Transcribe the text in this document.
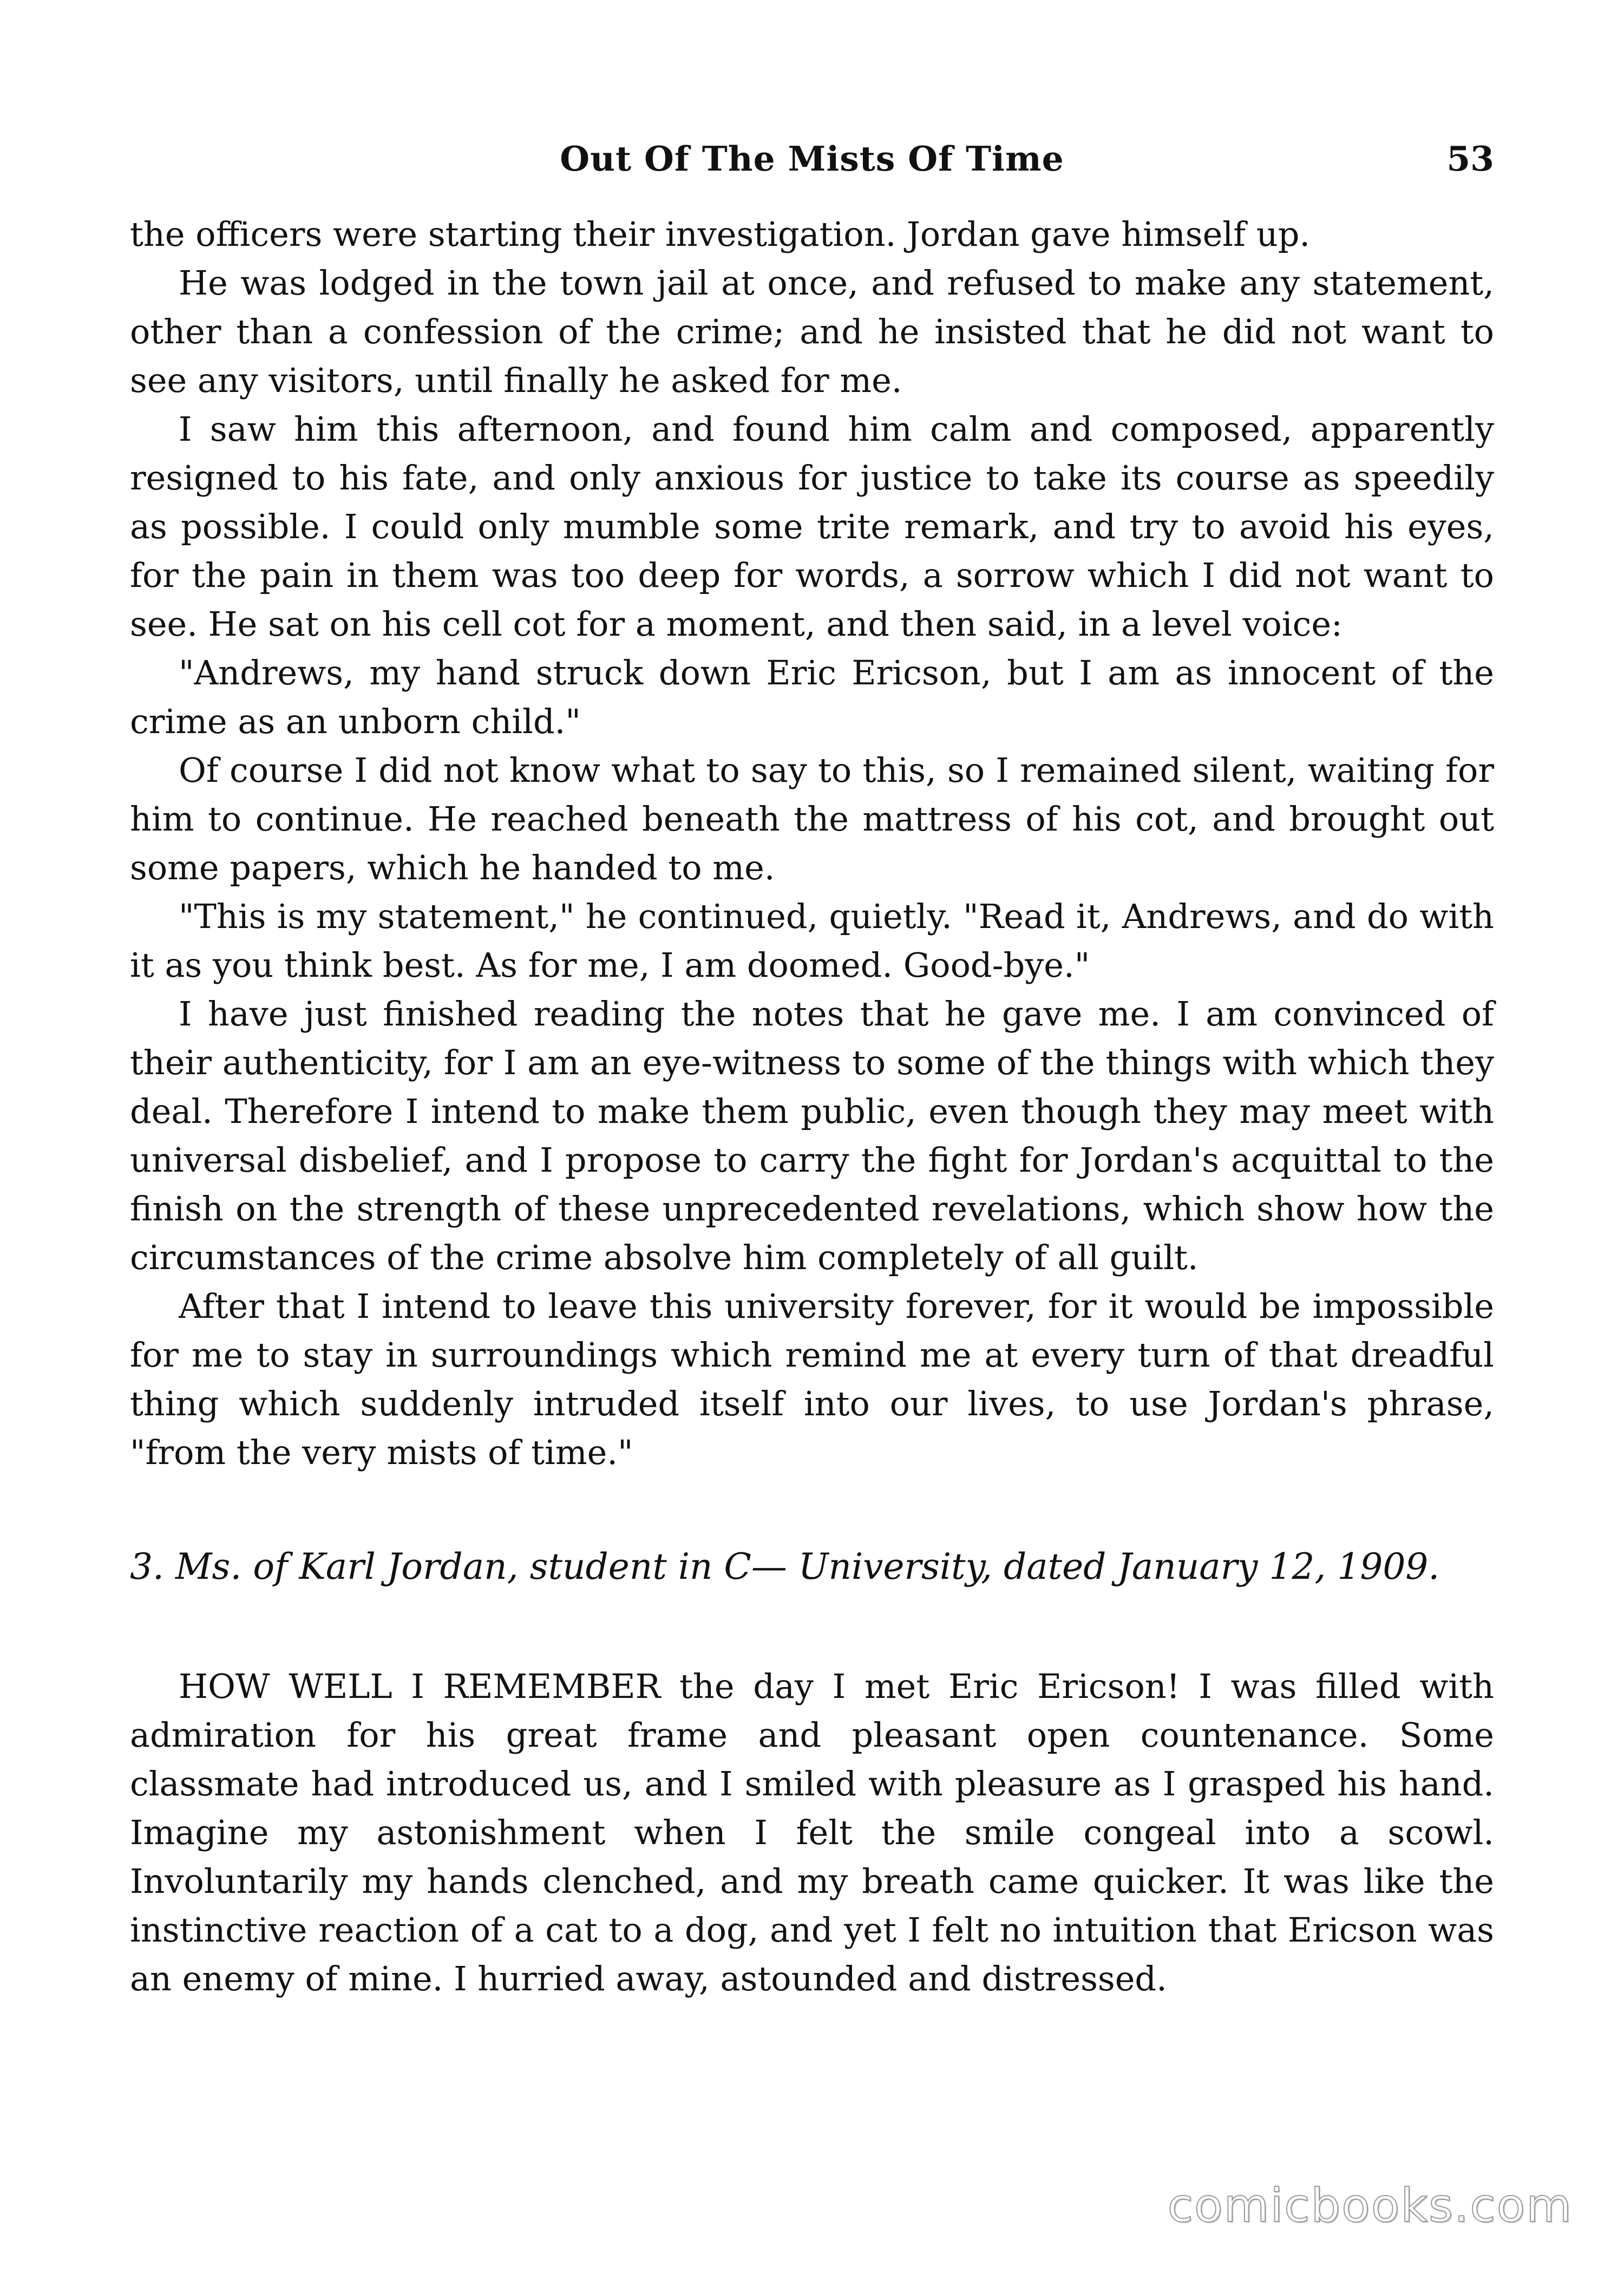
Out Of The Mists Of Time	53

the officers were starting their investigation. Jordan gave himself up.

He was lodged in the town jail at once, and refused to make any statement, other than a confession of the crime; and he insisted that he did not want to see any visitors, until finally he asked for me.

I saw him this afternoon, and found him calm and composed, apparently resigned to his fate, and only anxious for justice to take its course as speedily as possible. I could only mumble some trite remark, and try to avoid his eyes, for the pain in them was too deep for words, a sorrow which I did not want to see. He sat on his cell cot for a moment, and then said, in a level voice:

"Andrews, my hand struck down Eric Ericson, but I am as innocent of the crime as an unborn child."

Of course I did not know what to say to this, so I remained silent, waiting for him to continue. He reached beneath the mattress of his cot, and brought out some papers, which he handed to me.

"This is my statement," he continued, quietly. "Read it, Andrews, and do with it as you think best. As for me, I am doomed. Good-bye."

I have just finished reading the notes that he gave me. I am convinced of their authenticity, for I am an eye-witness to some of the things with which they deal. Therefore I intend to make them public, even though they may meet with universal disbelief, and I propose to carry the fight for Jordan's acquittal to the finish on the strength of these unprecedented revelations, which show how the circumstances of the crime absolve him completely of all guilt.

After that I intend to leave this university forever, for it would be impossible for me to stay in surroundings which remind me at every turn of that dreadful thing which suddenly intruded itself into our lives, to use Jordan's phrase, "from the very mists of time."

3. Ms. of Karl Jordan, student in C— University, dated January 12, 1909.

HOW WELL I REMEMBER the day I met Eric Ericson! I was filled with admiration for his great frame and pleasant open countenance. Some classmate had introduced us, and I smiled with pleasure as I grasped his hand. Imagine my astonishment when I felt the smile congeal into a scowl. Involuntarily my hands clenched, and my breath came quicker. It was like the instinctive reaction of a cat to a dog, and yet I felt no intuition that Ericson was an enemy of mine. I hurried away, astounded and distressed.

comicbooks.com
